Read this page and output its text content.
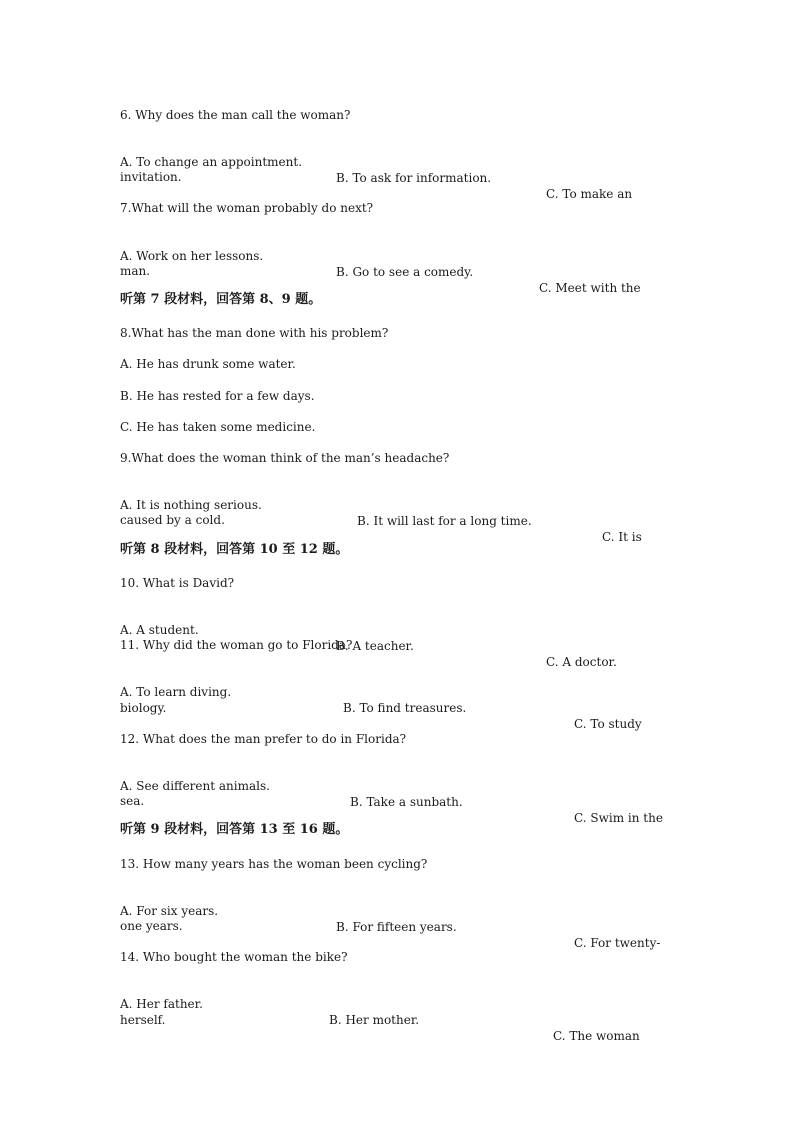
6. Why does the man call the woman?

A. To change an appointment.

B. To ask for information.

C. To make an

invitation.
7.What will the woman probably do next?

A. Work on her lessons.

B. Go to see a comedy.

C. Meet with the

man.
听第 7 段材料，回答第 8、9 题。
8.What has the man done with his problem?
A. He has drunk some water.
B. He has rested for a few days.
C. He has taken some medicine.
9.What does the woman think of the man’s headache?

A. It is nothing serious.

B. It will last for a long time.

C. It is

caused by a cold.
听第 8 段材料，回答第 10 至 12 题。
10. What is David?

A. A student.

B. A teacher.

C. A doctor.

11. Why did the woman go to Florida?

A. To learn diving.

B. To find treasures.

C. To study

biology.
12. What does the man prefer to do in Florida?

A. See different animals.

B. Take a sunbath.

C. Swim in the

sea.
听第 9 段材料，回答第 13 至 16 题。
13. How many years has the woman been cycling?

A. For six years.

B. For fifteen years.

C. For twenty-

one years.
14. Who bought the woman the bike?

A. Her father.

B. Her mother.

C. The woman

herself.
